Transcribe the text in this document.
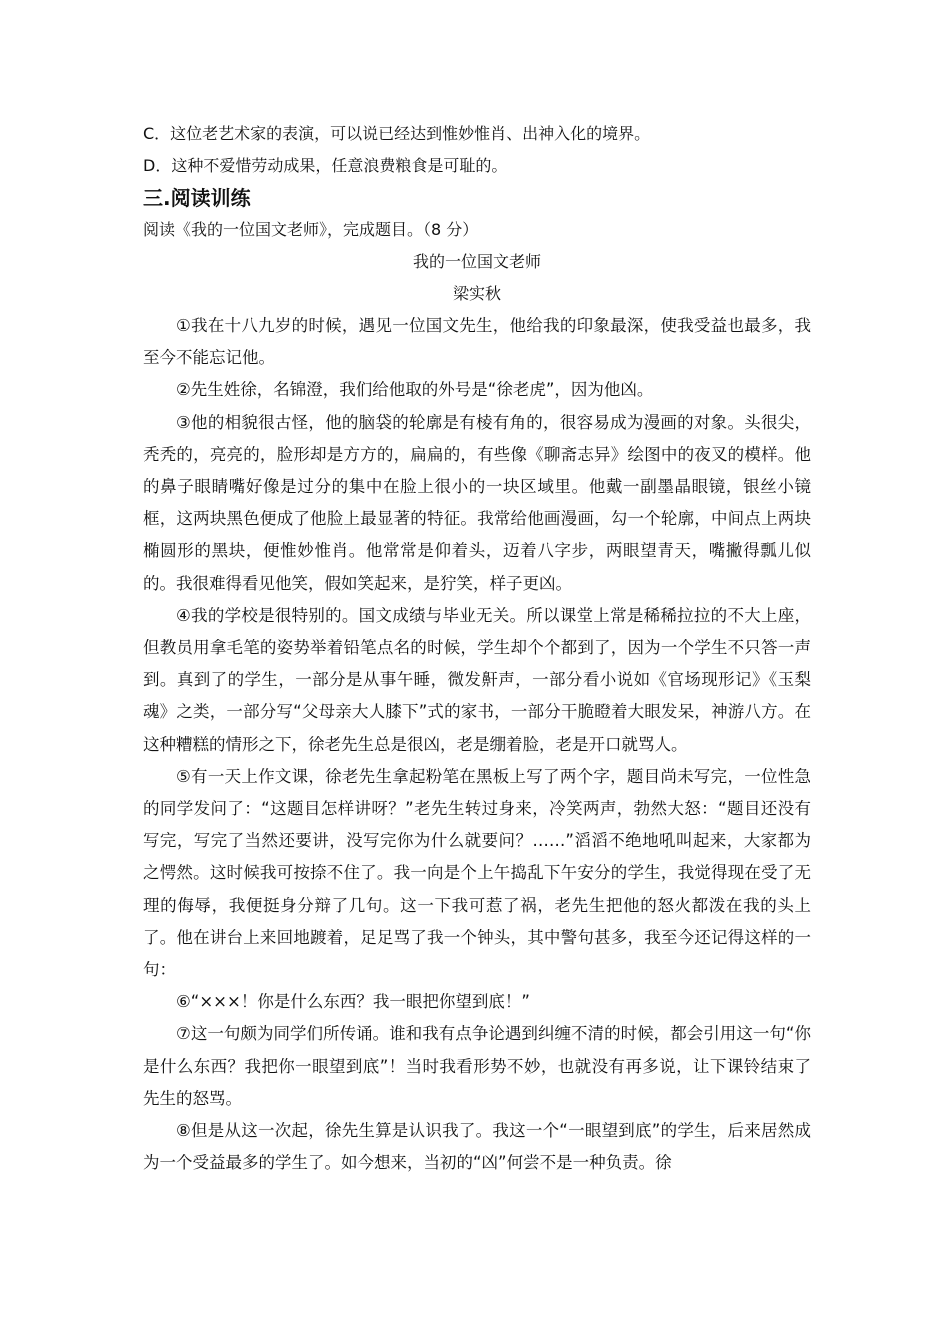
C．这位老艺术家的表演，可以说已经达到惟妙惟肖、出神入化的境界。
D．这种不爱惜劳动成果，任意浪费粮食是可耻的。
三.阅读训练
阅读《我的一位国文老师》，完成题目。（8 分）
我的一位国文老师
梁实秋

①我在十八九岁的时候，遇见一位国文先生，他给我的印象最深，使我受益也最多，我至今不能忘记他。

②先生姓徐，名锦澄，我们给他取的外号是“徐老虎”，因为他凶。

③他的相貌很古怪，他的脑袋的轮廓是有棱有角的，很容易成为漫画的对象。头很尖，秃秃的，亮亮的，脸形却是方方的，扁扁的，有些像《聊斋志异》绘图中的夜叉的模样。他的鼻子眼睛嘴好像是过分的集中在脸上很小的一块区域里。他戴一副墨晶眼镜，银丝小镜框，这两块黑色便成了他脸上最显著的特征。我常给他画漫画，勾一个轮廓，中间点上两块椭圆形的黑块，便惟妙惟肖。他常常是仰着头，迈着八字步，两眼望青天，嘴撇得瓢儿似的。我很难得看见他笑，假如笑起来，是狞笑，样子更凶。

④我的学校是很特别的。国文成绩与毕业无关。所以课堂上常是稀稀拉拉的不大上座，但教员用拿毛笔的姿势举着铅笔点名的时候，学生却个个都到了，因为一个学生不只答一声到。真到了的学生，一部分是从事午睡，微发鼾声，一部分看小说如《官场现形记》《玉梨魂》之类，一部分写“父母亲大人膝下”式的家书，一部分干脆瞪着大眼发呆，神游八方。在这种糟糕的情形之下，徐老先生总是很凶，老是绷着脸，老是开口就骂人。

⑤有一天上作文课，徐老先生拿起粉笔在黑板上写了两个字，题目尚未写完，一位性急的同学发问了：“这题目怎样讲呀？”老先生转过身来，冷笑两声，勃然大怒：“题目还没有写完，写完了当然还要讲，没写完你为什么就要问？……”滔滔不绝地吼叫起来，大家都为之愕然。这时候我可按捺不住了。我一向是个上午捣乱下午安分的学生，我觉得现在受了无理的侮辱，我便挺身分辩了几句。这一下我可惹了祸，老先生把他的怒火都泼在我的头上了。他在讲台上来回地踱着，足足骂了我一个钟头，其中警句甚多，我至今还记得这样的一句：

⑥“×××！你是什么东西？我一眼把你望到底！”

⑦这一句颇为同学们所传诵。谁和我有点争论遇到纠缠不清的时候，都会引用这一句“你是什么东西？我把你一眼望到底”！当时我看形势不妙，也就没有再多说，让下课铃结束了先生的怒骂。

⑧但是从这一次起，徐先生算是认识我了。我这一个“一眼望到底”的学生，后来居然成为一个受益最多的学生了。如今想来，当初的“凶”何尝不是一种负责。徐
